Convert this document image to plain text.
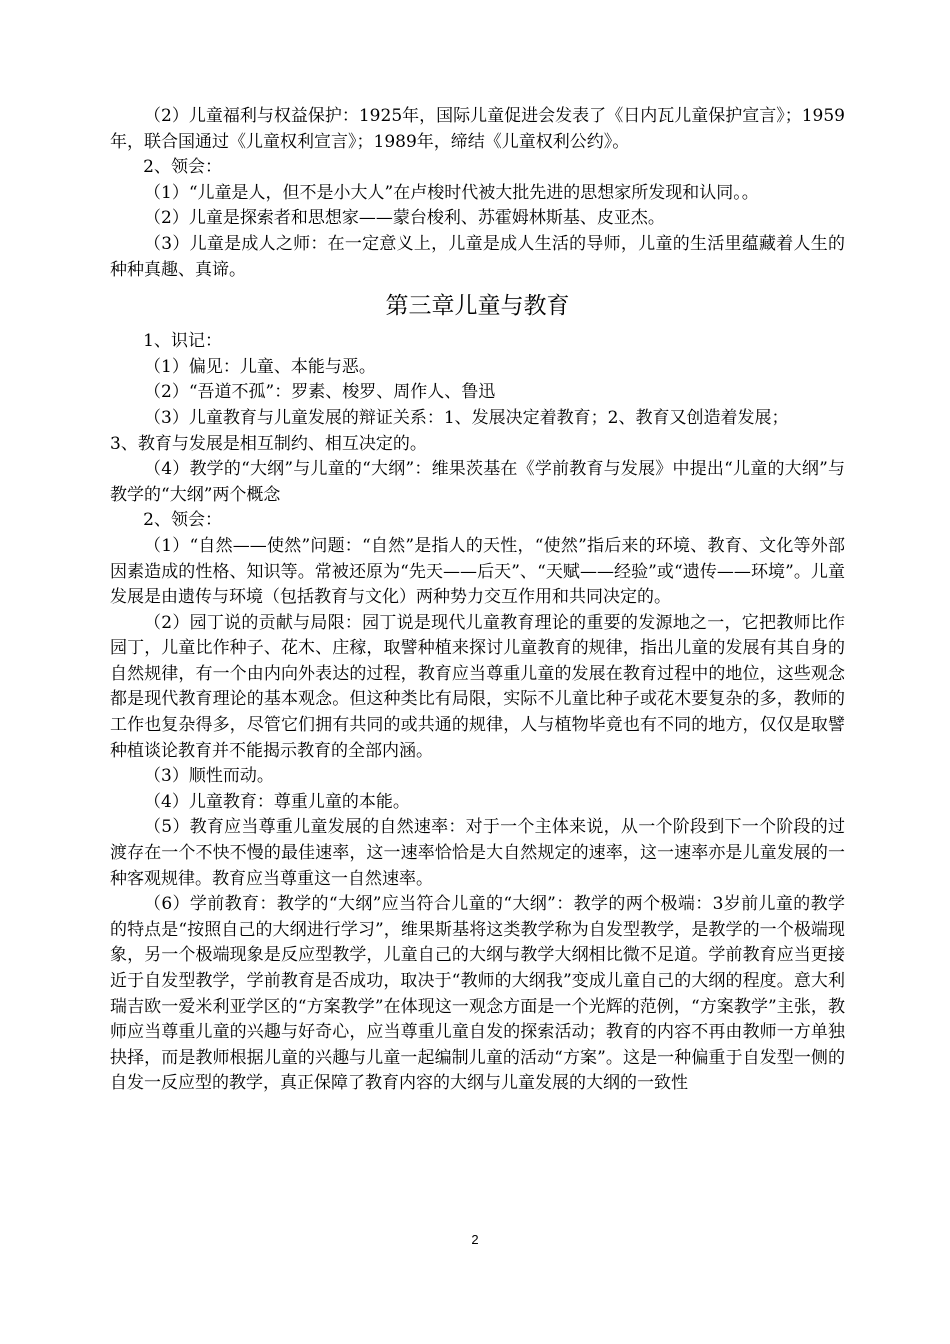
（2）儿童福利与权益保护：1925年，国际儿童促进会发表了《日内瓦儿童保护宣言》；1959年，联合国通过《儿童权利宣言》；1989年，缔结《儿童权利公约》。

2、领会：

（1）“儿童是人，但不是小大人”在卢梭时代被大批先进的思想家所发现和认同。。

（2）儿童是探索者和思想家——蒙台梭利、苏霍姆林斯基、皮亚杰。

（3）儿童是成人之师：在一定意义上，儿童是成人生活的导师，儿童的生活里蕴藏着人生的种种真趣、真谛。

第三章儿童与教育

1、识记：

（1）偏见：儿童、本能与恶。

（2）“吾道不孤”：罗素、梭罗、周作人、鲁迅

（3）儿童教育与儿童发展的辩证关系：1、发展决定着教育；2、教育又创造着发展；

3、教育与发展是相互制约、相互决定的。

（4）教学的“大纲”与儿童的“大纲”：维果茨基在《学前教育与发展》中提出“儿童的大纲”与教学的“大纲”两个概念

2、领会：

（1）“自然——使然”问题：“自然”是指人的天性，“使然”指后来的环境、教育、文化等外部因素造成的性格、知识等。常被还原为“先天——后天”、“天赋——经验”或“遗传——环境”。儿童发展是由遗传与环境（包括教育与文化）两种势力交互作用和共同决定的。

（2）园丁说的贡献与局限：园丁说是现代儿童教育理论的重要的发源地之一，它把教师比作园丁，儿童比作种子、花木、庄稼，取譬种植来探讨儿童教育的规律，指出儿童的发展有其自身的自然规律，有一个由内向外表达的过程，教育应当尊重儿童的发展在教育过程中的地位，这些观念都是现代教育理论的基本观念。但这种类比有局限，实际不儿童比种子或花木要复杂的多，教师的工作也复杂得多，尽管它们拥有共同的或共通的规律，人与植物毕竟也有不同的地方，仅仅是取譬种植谈论教育并不能揭示教育的全部内涵。

（3）顺性而动。

（4）儿童教育：尊重儿童的本能。

（5）教育应当尊重儿童发展的自然速率：对于一个主体来说，从一个阶段到下一个阶段的过渡存在一个不快不慢的最佳速率，这一速率恰恰是大自然规定的速率，这一速率亦是儿童发展的一种客观规律。教育应当尊重这一自然速率。

（6）学前教育：教学的“大纲”应当符合儿童的“大纲”：教学的两个极端：3岁前儿童的教学的特点是“按照自己的大纲进行学习”，维果斯基将这类教学称为自发型教学，是教学的一个极端现象，另一个极端现象是反应型教学，儿童自己的大纲与教学大纲相比微不足道。学前教育应当更接近于自发型教学，学前教育是否成功，取决于“教师的大纲我”变成儿童自己的大纲的程度。意大利瑞吉欧一爱米利亚学区的“方案教学”在体现这一观念方面是一个光辉的范例，“方案教学”主张，教师应当尊重儿童的兴趣与好奇心，应当尊重儿童自发的探索活动；教育的内容不再由教师一方单独抉择，而是教师根据儿童的兴趣与儿童一起编制儿童的活动“方案”。这是一种偏重于自发型一侧的自发一反应型的教学，真正保障了教育内容的大纲与儿童发展的大纲的一致性

2
